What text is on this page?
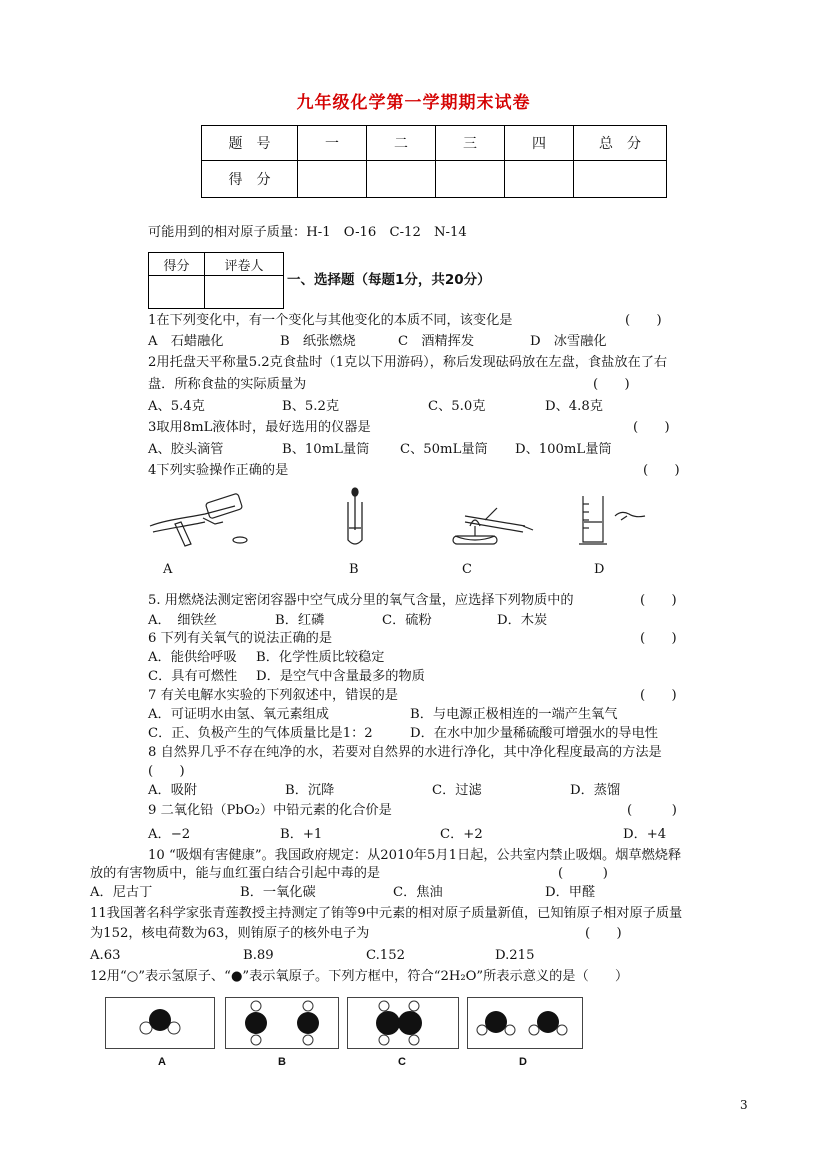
九年级化学第一学期期末试卷
题　号	一	二	三	四	总　分
得　分					
可能用到的相对原子质量：H-1　O-16　C-12　N-14
得分	评卷人

一、选择题（每题1分，共20分）
1在下列变化中，有一个变化与其他变化的本质不同，该变化是	(　　)
A　石蜡融化	B　纸张燃烧	C　酒精挥发	D　冰雪融化
2用托盘天平称量5.2克食盐时（1克以下用游码），称后发现砝码放在左盘，食盐放在了右
盘．所称食盐的实际质量为	(　　)
A、5.4克	B、5.2克	C、5.0克	D、4.8克
3取用8mL液体时，最好选用的仪器是	(　　)
A、胶头滴管	B、10mL量筒 C、50mL量筒 D、100mL量筒
4下列实验操作正确的是	(　　)
A	B	C	D
5. 用燃烧法测定密闭容器中空气成分里的氧气含量，应选择下列物质中的	(　　)
A．　细铁丝	B．红磷	C．硫粉	D．木炭
6 下列有关氧气的说法正确的是	(　　)
A．能供给呼吸 B．化学性质比较稳定
C．具有可燃性 D．是空气中含量最多的物质
7 有关电解水实验的下列叙述中，错误的是	(　　)
A．可证明水由氢、氧元素组成	B．与电源正极相连的一端产生氧气
C．正、负极产生的气体质量比是1：2	D．在水中加少量稀硫酸可增强水的导电性
8 自然界几乎不存在纯净的水，若要对自然界的水进行净化，其中净化程度最高的方法是
(　　)
A．吸附	B．沉降	C．过滤	D．蒸馏
9 二氧化铅（PbO₂）中铅元素的化合价是	(　　　)
A．−2	B．+1	C．+2	D．+4
10 “吸烟有害健康”。我国政府规定：从2010年5月1日起，公共室内禁止吸烟。烟草燃烧释
放的有害物质中，能与血红蛋白结合引起中毒的是	(　　　)
A．尼古丁	B．一氧化碳	C．焦油	D．甲醛
11我国著名科学家张青莲教授主持测定了铕等9中元素的相对原子质量新值，已知铕原子相对原子质量
为152，核电荷数为63，则铕原子的核外电子为	(　　)
A.63	B.89	C.152	D.215
12用“○”表示氢原子、“●”表示氧原子。下列方框中，符合“2H₂O”所表示意义的是（　　）
A	B	C	D
3
